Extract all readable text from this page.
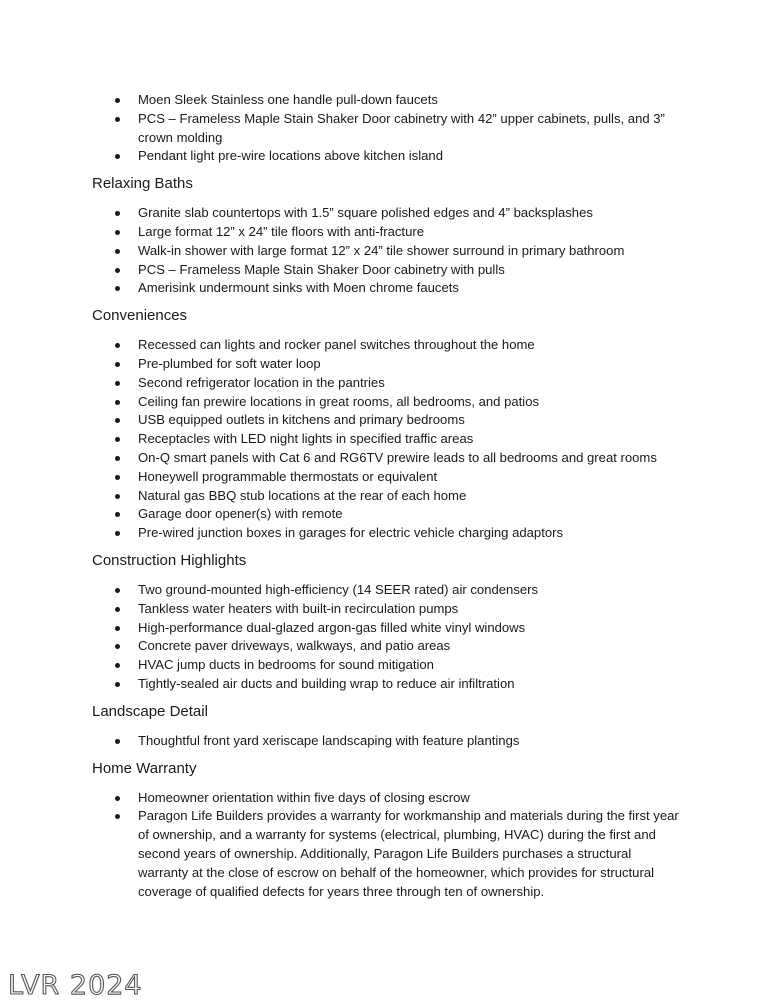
Moen Sleek Stainless one handle pull-down faucets
PCS – Frameless Maple Stain Shaker Door cabinetry with 42” upper cabinets, pulls, and 3” crown molding
Pendant light pre-wire locations above kitchen island
Relaxing Baths
Granite slab countertops with 1.5” square polished edges and 4” backsplashes
Large format 12” x 24” tile floors with anti-fracture
Walk-in shower with large format 12” x 24” tile shower surround in primary bathroom
PCS – Frameless Maple Stain Shaker Door cabinetry with pulls
Amerisink undermount sinks with Moen chrome faucets
Conveniences
Recessed can lights and rocker panel switches throughout the home
Pre-plumbed for soft water loop
Second refrigerator location in the pantries
Ceiling fan prewire locations in great rooms, all bedrooms, and patios
USB equipped outlets in kitchens and primary bedrooms
Receptacles with LED night lights in specified traffic areas
On-Q smart panels with Cat 6 and RG6TV prewire leads to all bedrooms and great rooms
Honeywell programmable thermostats or equivalent
Natural gas BBQ stub locations at the rear of each home
Garage door opener(s) with remote
Pre-wired junction boxes in garages for electric vehicle charging adaptors
Construction Highlights
Two ground-mounted high-efficiency (14 SEER rated) air condensers
Tankless water heaters with built-in recirculation pumps
High-performance dual-glazed argon-gas filled white vinyl windows
Concrete paver driveways, walkways, and patio areas
HVAC jump ducts in bedrooms for sound mitigation
Tightly-sealed air ducts and building wrap to reduce air infiltration
Landscape Detail
Thoughtful front yard xeriscape landscaping with feature plantings
Home Warranty
Homeowner orientation within five days of closing escrow
Paragon Life Builders provides a warranty for workmanship and materials during the first year of ownership, and a warranty for systems (electrical, plumbing, HVAC) during the first and second years of ownership. Additionally, Paragon Life Builders purchases a structural warranty at the close of escrow on behalf of the homeowner, which provides for structural coverage of qualified defects for years three through ten of ownership.
LVR 2024
